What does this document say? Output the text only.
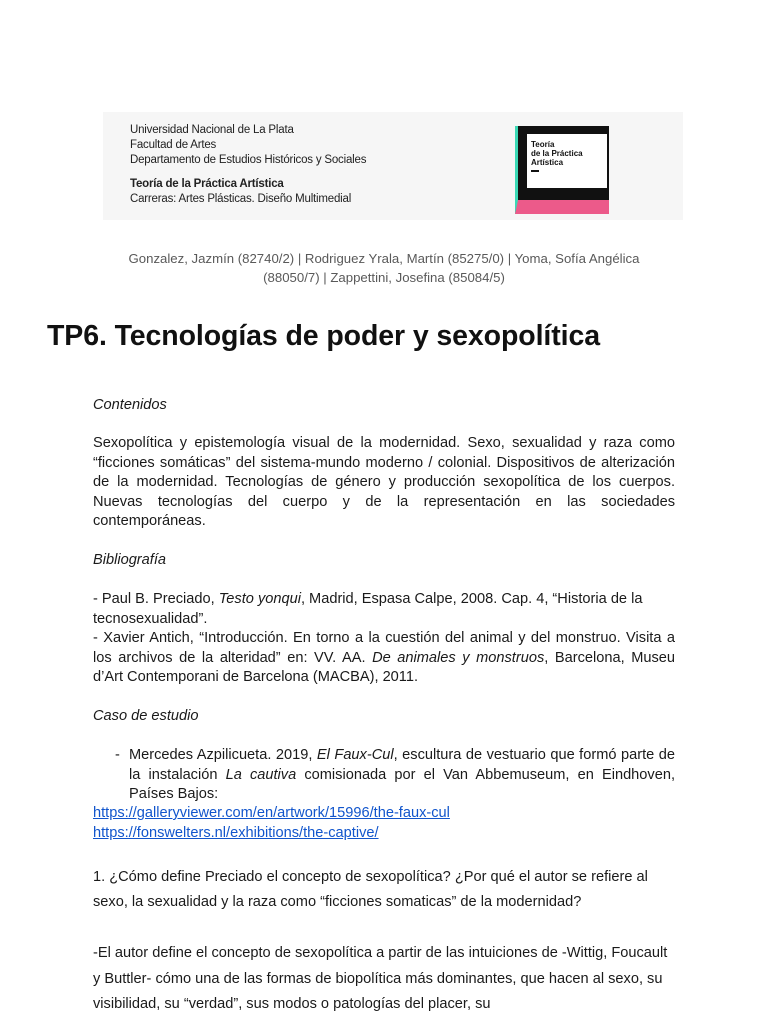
Universidad Nacional de La Plata
Facultad de Artes
Departamento de Estudios Históricos y Sociales
Teoría de la Práctica Artística
Carreras: Artes Plásticas. Diseño Multimedial
Teoría
de la Práctica
Artística
Gonzalez, Jazmín (82740/2) | Rodriguez Yrala, Martín (85275/0) | Yoma, Sofía Angélica
(88050/7) | Zappettini, Josefina (85084/5)
TP6. Tecnologías de poder y sexopolítica
Contenidos
Sexopolítica y epistemología visual de la modernidad. Sexo, sexualidad y raza como “ficciones somáticas” del sistema-mundo moderno / colonial. Dispositivos de alterización de la modernidad. Tecnologías de género y producción sexopolítica de los cuerpos. Nuevas tecnologías del cuerpo y de la representación en las sociedades contemporáneas.
Bibliografía
- Paul B. Preciado, Testo yonqui, Madrid, Espasa Calpe, 2008. Cap. 4, “Historia de la tecnosexualidad”.
- Xavier Antich, “Introducción. En torno a la cuestión del animal y del monstruo. Visita a los archivos de la alteridad” en: VV. AA. De animales y monstruos, Barcelona, Museu d’Art Contemporani de Barcelona (MACBA), 2011.
Caso de estudio
- Mercedes Azpilicueta. 2019, El Faux-Cul, escultura de vestuario que formó parte de la instalación La cautiva comisionada por el Van Abbemuseum, en Eindhoven, Países Bajos:
https://galleryviewer.com/en/artwork/15996/the-faux-cul
https://fonswelters.nl/exhibitions/the-captive/
1. ¿Cómo define Preciado el concepto de sexopolítica? ¿Por qué el autor se refiere al sexo, la sexualidad y la raza como “ficciones somaticas” de la modernidad?
-El autor define el concepto de sexopolítica a partir de las intuiciones de -Wittig, Foucault y Buttler- cómo una de las formas de biopolítica más dominantes, que hacen al sexo, su visibilidad, su “verdad”, sus modos o patologías del placer, su
